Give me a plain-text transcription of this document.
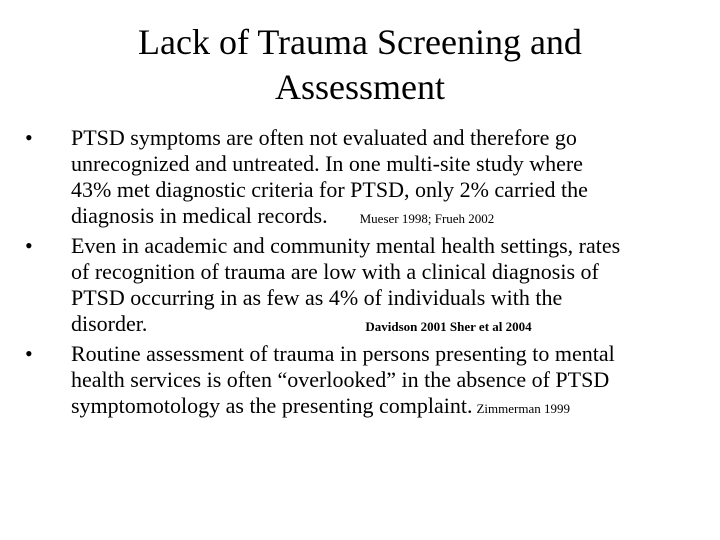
Lack of Trauma Screening and
Assessment
• PTSD symptoms are often not evaluated and therefore go
unrecognized and untreated. In one multi-site study where
43% met diagnostic criteria for PTSD, only 2% carried the
diagnosis in medical records. Mueser 1998; Frueh 2002
• Even in academic and community mental health settings, rates
of recognition of trauma are low with a clinical diagnosis of
PTSD occurring in as few as 4% of individuals with the
disorder.	Davidson 2001 Sher et al 2004
• Routine assessment of trauma in persons presenting to mental
health services is often “overlooked” in the absence of PTSD
symptomotology as the presenting complaint. Zimmerman 1999
